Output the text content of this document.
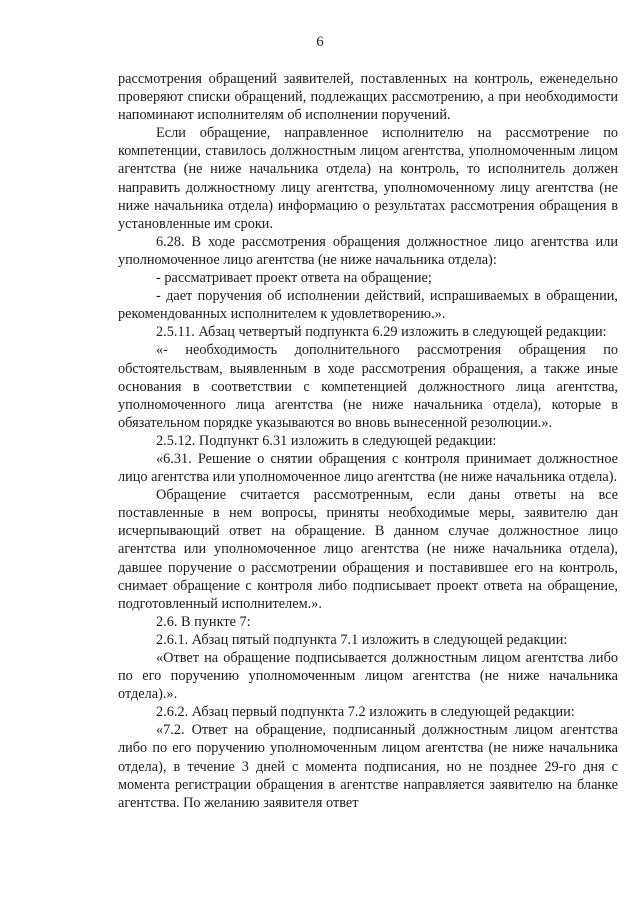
6

рассмотрения обращений заявителей, поставленных на контроль, еженедельно проверяют списки обращений, подлежащих рассмотрению, а при необходимости напоминают исполнителям об исполнении поручений.

Если обращение, направленное исполнителю на рассмотрение по компетенции, ставилось должностным лицом агентства, уполномоченным лицом агентства (не ниже начальника отдела) на контроль, то исполнитель должен направить должностному лицу агентства, уполномоченному лицу агентства (не ниже начальника отдела) информацию о результатах рассмотрения обращения в установленные им сроки.

6.28. В ходе рассмотрения обращения должностное лицо агентства или уполномоченное лицо агентства (не ниже начальника отдела):

- рассматривает проект ответа на обращение;

- дает поручения об исполнении действий, испрашиваемых в обращении, рекомендованных исполнителем к удовлетворению.».

2.5.11. Абзац четвертый подпункта 6.29 изложить в следующей редакции:

«- необходимость дополнительного рассмотрения обращения по обстоятельствам, выявленным в ходе рассмотрения обращения, а также иные основания в соответствии с компетенцией должностного лица агентства, уполномоченного лица агентства (не ниже начальника отдела), которые в обязательном порядке указываются во вновь вынесенной резолюции.».

2.5.12. Подпункт 6.31 изложить в следующей редакции:

«6.31. Решение о снятии обращения с контроля принимает должностное лицо агентства или уполномоченное лицо агентства (не ниже начальника отдела).

Обращение считается рассмотренным, если даны ответы на все поставленные в нем вопросы, приняты необходимые меры, заявителю дан исчерпывающий ответ на обращение. В данном случае должностное лицо агентства или уполномоченное лицо агентства (не ниже начальника отдела), давшее поручение о рассмотрении обращения и поставившее его на контроль, снимает обращение с контроля либо подписывает проект ответа на обращение, подготовленный исполнителем.».

2.6. В пункте 7:

2.6.1. Абзац пятый подпункта 7.1 изложить в следующей редакции:

«Ответ на обращение подписывается должностным лицом агентства либо по его поручению уполномоченным лицом агентства (не ниже начальника отдела).».

2.6.2. Абзац первый подпункта 7.2 изложить в следующей редакции:

«7.2. Ответ на обращение, подписанный должностным лицом агентства либо по его поручению уполномоченным лицом агентства (не ниже начальника отдела), в течение 3 дней с момента подписания, но не позднее 29-го дня с момента регистрации обращения в агентстве направляется заявителю на бланке агентства. По желанию заявителя ответ
